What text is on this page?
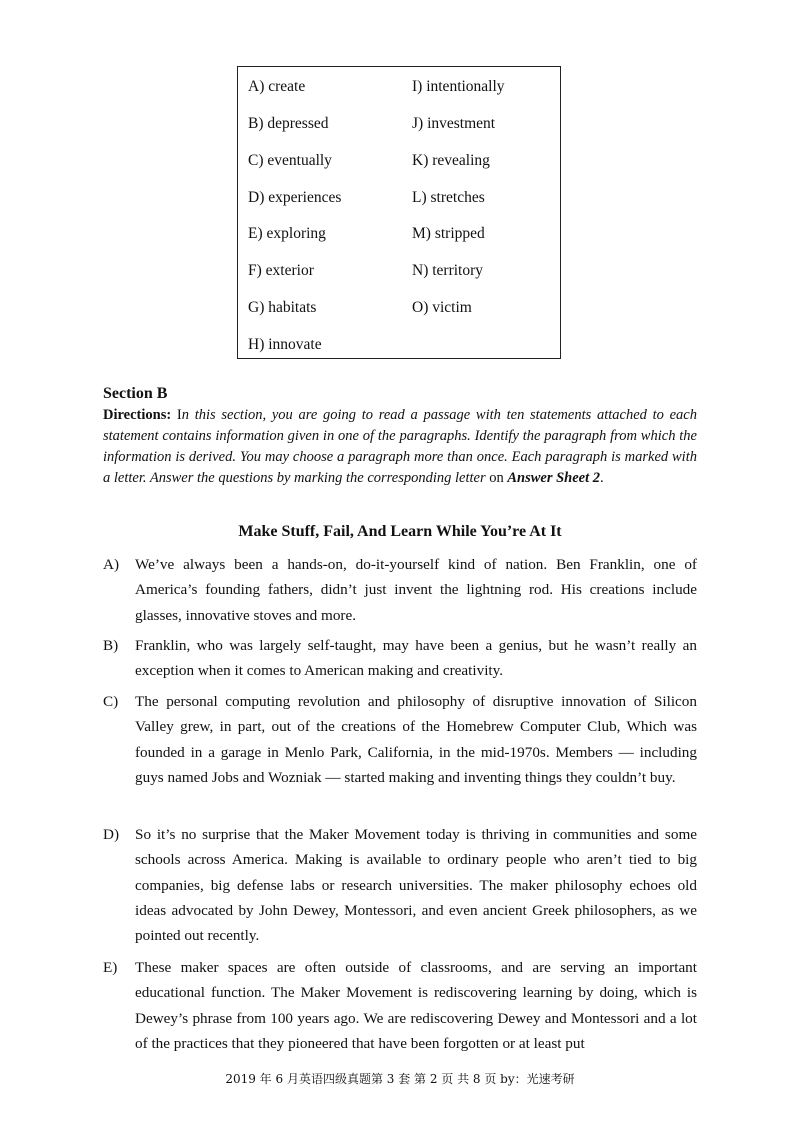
A) create
B) depressed
C) eventually
D) experiences
E) exploring
F) exterior
G) habitats
H) innovate
I) intentionally
J) investment
K) revealing
L) stretches
M) stripped
N) territory
O) victim
Section B
Directions: In this section, you are going to read a passage with ten statements attached to each statement contains information given in one of the paragraphs. Identify the paragraph from which the information is derived. You may choose a paragraph more than once. Each paragraph is marked with a letter. Answer the questions by marking the corresponding letter on Answer Sheet 2.
Make Stuff, Fail, And Learn While You’re At It
A) We’ve always been a hands-on, do-it-yourself kind of nation. Ben Franklin, one of America’s founding fathers, didn’t just invent the lightning rod. His creations include glasses, innovative stoves and more.
B) Franklin, who was largely self-taught, may have been a genius, but he wasn’t really an exception when it comes to American making and creativity.
C) The personal computing revolution and philosophy of disruptive innovation of Silicon Valley grew, in part, out of the creations of the Homebrew Computer Club, Which was founded in a garage in Menlo Park, California, in the mid-1970s. Members — including guys named Jobs and Wozniak — started making and inventing things they couldn’t buy.
D) So it’s no surprise that the Maker Movement today is thriving in communities and some schools across America. Making is available to ordinary people who aren’t tied to big companies, big defense labs or research universities. The maker philosophy echoes old ideas advocated by John Dewey, Montessori, and even ancient Greek philosophers, as we pointed out recently.
E) These maker spaces are often outside of classrooms, and are serving an important educational function. The Maker Movement is rediscovering learning by doing, which is Dewey’s phrase from 100 years ago. We are rediscovering Dewey and Montessori and a lot of the practices that they pioneered that have been forgotten or at least put
2019 年 6 月英语四级真题第 3 套 第 2 页 共 8 页 by：光速考研
